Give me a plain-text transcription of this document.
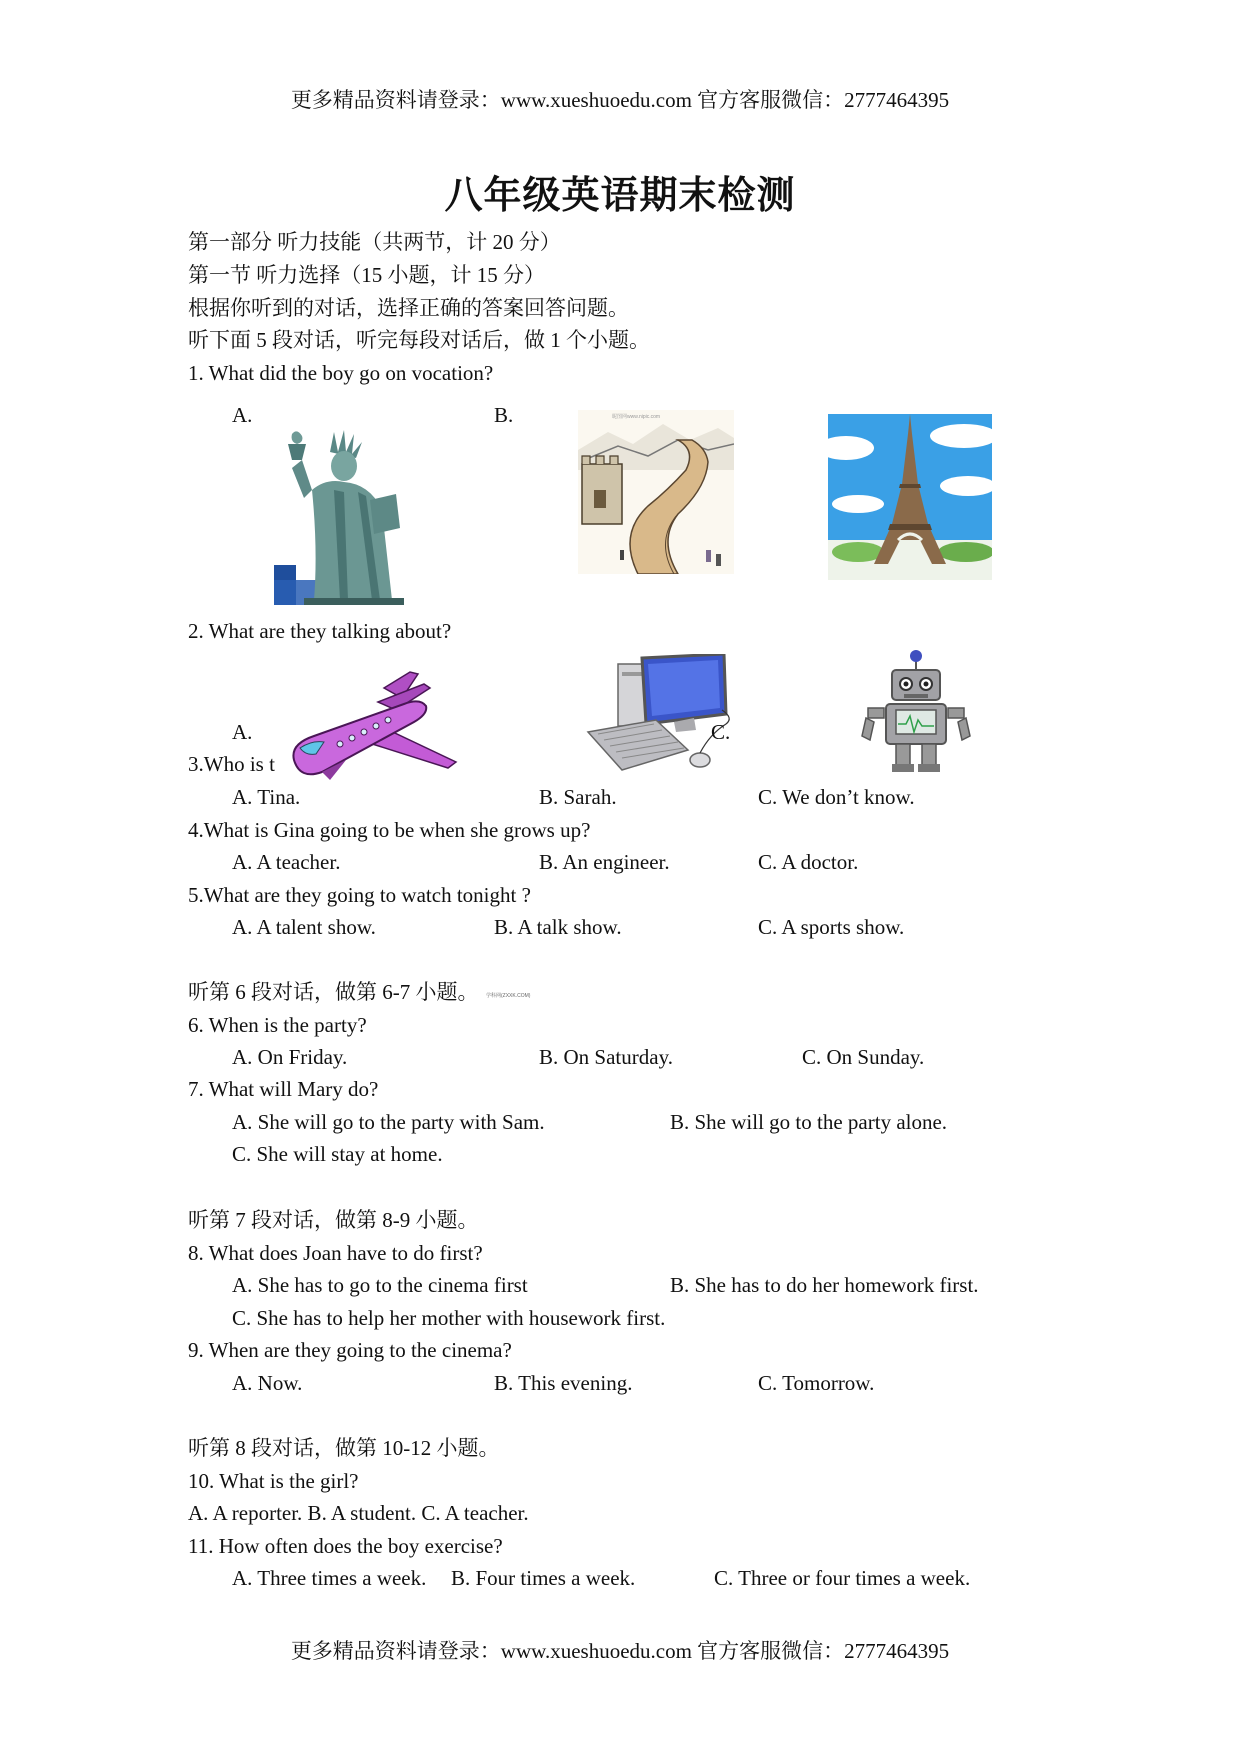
更多精品资料请登录：www.xueshuoedu.com 官方客服微信：2777464395
更多精品资料请登录：www.xueshuoedu.com 官方客服微信：2777464395
八年级英语期末检测
第一部分 听力技能（共两节，计 20 分）
第一节 听力选择（15 小题，计 15 分）
根据你听到的对话，选择正确的答案回答问题。
听下面 5 段对话，听完每段对话后，做 1 个小题。
1. What did the boy go on vocation?
A.	B.	昵图网www.nipic.com
2. What are they talking about?
A.	C.
3.Who is t
A. Tina.	B. Sarah.	C. We don’t know.
4.What is Gina going to be when she grows up?
A. A teacher.	B. An engineer.	C. A doctor.
5.What are they going to watch tonight ?
A. A talent show.	B. A talk show.	C. A sports show.
听第 6 段对话，做第 6-7 小题。 学科网(ZXXK.COM)
6. When is the party?
A. On Friday.	B. On Saturday.	C. On Sunday.
7. What will Mary do?
A. She will go to the party with Sam.	B. She will go to the party alone.
C. She will stay at home.
听第 7 段对话，做第 8-9 小题。
8. What does Joan have to do first?
A. She has to go to the cinema first	B. She has to do her homework first.
C. She has to help her mother with housework first.
9. When are they going to the cinema?
A. Now.	B. This evening.	C. Tomorrow.
听第 8 段对话，做第 10-12 小题。
10. What is the girl?
A. A reporter. B. A student. C. A teacher.
11. How often does the boy exercise?
A. Three times a week. B. Four times a week.	C. Three or four times a week.
